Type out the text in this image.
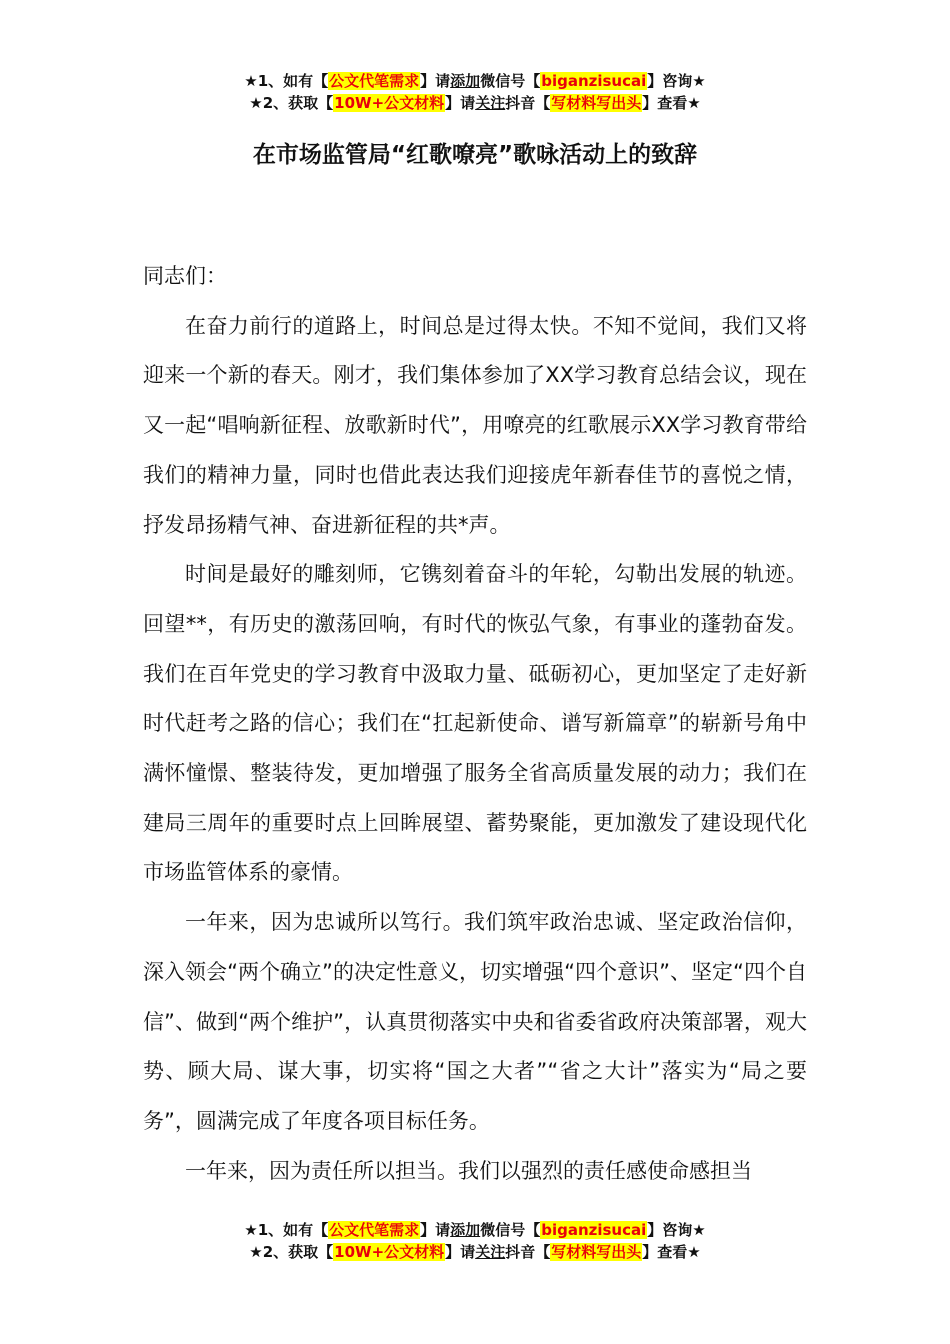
★1、如有【公文代笔需求】请添加微信号【biganzisucai】咨询★
★2、获取【10W+公文材料】请关注抖音【写材料写出头】查看★
在市场监管局“红歌嘹亮”歌咏活动上的致辞

同志们：

在奋力前行的道路上，时间总是过得太快。不知不觉间，我们又将迎来一个新的春天。刚才，我们集体参加了XX学习教育总结会议，现在又一起“唱响新征程、放歌新时代”，用嘹亮的红歌展示XX学习教育带给我们的精神力量，同时也借此表达我们迎接虎年新春佳节的喜悦之情，抒发昂扬精气神、奋进新征程的共*声。

时间是最好的雕刻师，它镌刻着奋斗的年轮，勾勒出发展的轨迹。回望**，有历史的激荡回响，有时代的恢弘气象，有事业的蓬勃奋发。我们在百年党史的学习教育中汲取力量、砥砺初心，更加坚定了走好新时代赶考之路的信心；我们在“扛起新使命、谱写新篇章”的崭新号角中满怀憧憬、整装待发，更加增强了服务全省高质量发展的动力；我们在建局三周年的重要时点上回眸展望、蓄势聚能，更加激发了建设现代化市场监管体系的豪情。

一年来，因为忠诚所以笃行。我们筑牢政治忠诚、坚定政治信仰，深入领会“两个确立”的决定性意义，切实增强“四个意识”、坚定“四个自信”、做到“两个维护”，认真贯彻落实中央和省委省政府决策部署，观大势、顾大局、谋大事，切实将“国之大者”“省之大计”落实为“局之要务”，圆满完成了年度各项目标任务。

一年来，因为责任所以担当。我们以强烈的责任感使命感担当

★1、如有【公文代笔需求】请添加微信号【biganzisucai】咨询★
★2、获取【10W+公文材料】请关注抖音【写材料写出头】查看★
